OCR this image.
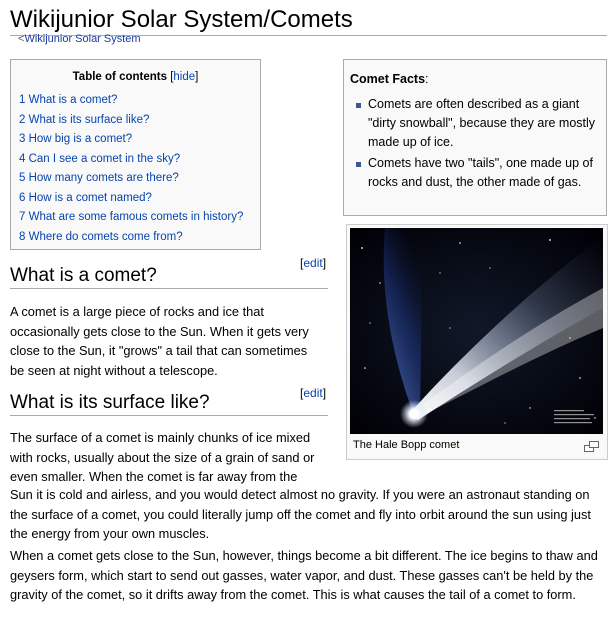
Wikijunior Solar System/Comets
<Wikijunior Solar System
Table of contents [hide]
1 What is a comet?
2 What is its surface like?
3 How big is a comet?
4 Can I see a comet in the sky?
5 How many comets are there?
6 How is a comet named?
7 What are some famous comets in history?
8 Where do comets come from?
Comet Facts:
Comets are often described as a giant "dirty snowball", because they are mostly made up of ice.
Comets have two "tails", one made up of rocks and dust, the other made of gas.
The Hale Bopp comet
[edit]
What is a comet?

A comet is a large piece of rocks and ice that occasionally gets close to the Sun. When it gets very close to the Sun, it "grows" a tail that can sometimes be seen at night without a telescope.

[edit]
What is its surface like?

The surface of a comet is mainly chunks of ice mixed with rocks, usually about the size of a grain of sand or even smaller. When the comet is far away from the

Sun it is cold and airless, and you would detect almost no gravity. If you were an astronaut standing on the surface of a comet, you could literally jump off the comet and fly into orbit around the sun using just the energy from your own muscles.

When a comet gets close to the Sun, however, things become a bit different. The ice begins to thaw and geysers form, which start to send out gasses, water vapor, and dust. These gasses can't be held by the gravity of the comet, so it drifts away from the comet. This is what causes the tail of a comet to form.
